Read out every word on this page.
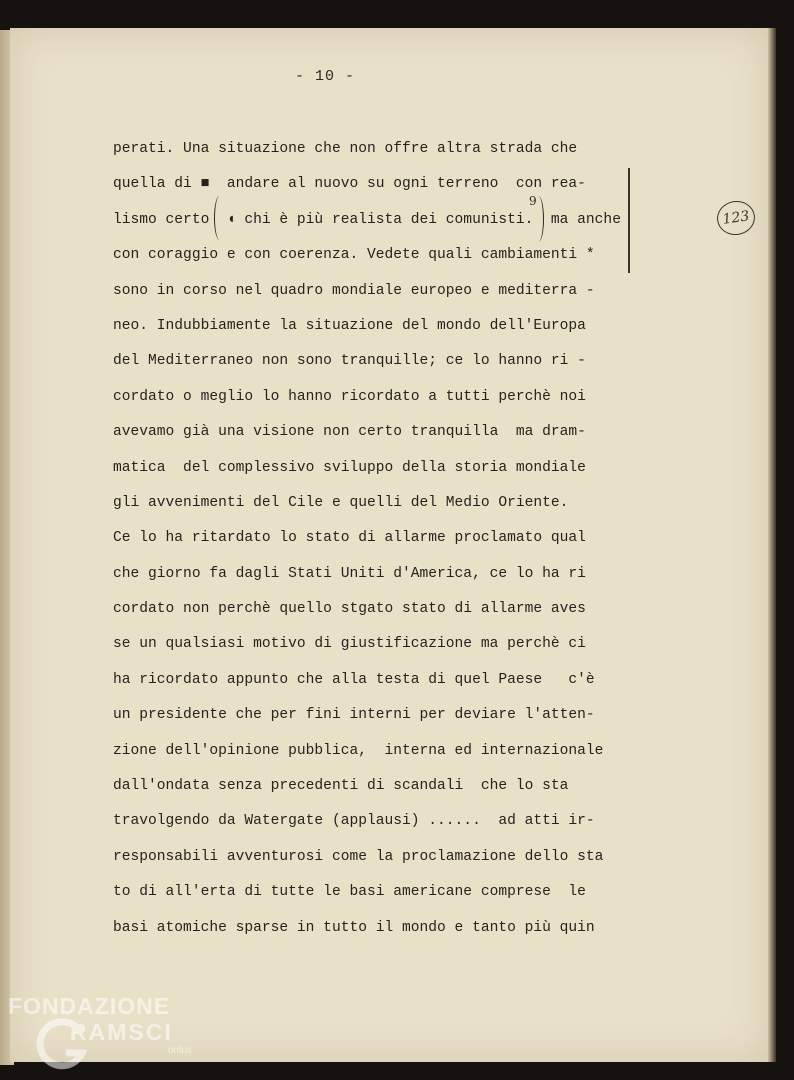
- 10 -
perati. Una situazione che non offre altra strada che
quella di ■  andare al nuovo su ogni terreno  con rea-
lismo certo  ◖ chi è più realista dei comunisti.  ma anche
con coraggio e con coerenza. Vedete quali cambiamenti *
sono in corso nel quadro mondiale europeo e mediterra -
neo. Indubbiamente la situazione del mondo dell'Europa
del Mediterraneo non sono tranquille; ce lo hanno ri -
cordato o meglio lo hanno ricordato a tutti perchè noi
avevamo già una visione non certo tranquilla  ma dram-
matica  del complessivo sviluppo della storia mondiale
gli avvenimenti del Cile e quelli del Medio Oriente.
Ce lo ha ritardato lo stato di allarme proclamato qual
che giorno fa dagli Stati Uniti d'America, ce lo ha ri
cordato non perchè quello stgato stato di allarme aves
se un qualsiasi motivo di giustificazione ma perchè ci
ha ricordato appunto che alla testa di quel Paese   c'è
un presidente che per fini interni per deviare l'atten-
zione dell'opinione pubblica,  interna ed internazionale
dall'ondata senza precedenti di scandali  che lo sta
travolgendo da Watergate (applausi) ......  ad atti ir-
responsabili avventurosi come la proclamazione dello sta
to di all'erta di tutte le basi americane comprese  le
basi atomiche sparse in tutto il mondo e tanto più quin
9
123
FONDAZIONE
RAMSCI
onlus
